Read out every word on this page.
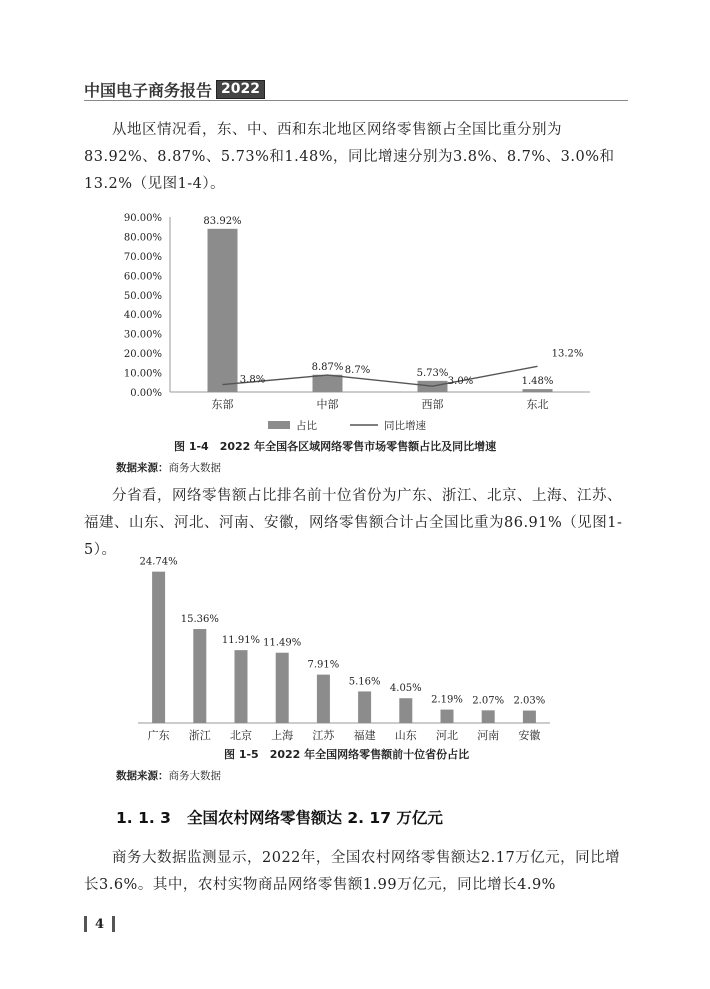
中国电子商务报告 2022
从地区情况看，东、中、西和东北地区网络零售额占全国比重分别为83.92%、8.87%、5.73%和1.48%，同比增速分别为3.8%、8.7%、3.0%和13.2%（见图1-4）。
0.00%
10.00%
20.00%
30.00%
40.00%
50.00%
60.00%
70.00%
80.00%
90.00%	83.92%
东部
8.87%
中部
5.73%
西部
1.48%
东北
3.8%
8.7%
3.0%
13.2%
占比	同比增速
图 1-4　2022 年全国各区域网络零售市场零售额占比及同比增速
数据来源：商务大数据
分省看，网络零售额占比排名前十位省份为广东、浙江、北京、上海、江苏、福建、山东、河北、河南、安徽，网络零售额合计占全国比重为86.91%（见图1-5）。
24.74%
广东
15.36%
浙江
11.91%
北京
11.49%
上海
7.91%
江苏
5.16%
福建
4.05%
山东
2.19%
河北
2.07%
河南
2.03%
安徽
图 1-5　2022 年全国网络零售额前十位省份占比
数据来源：商务大数据
1. 1. 3 全国农村网络零售额达 2. 17 万亿元
商务大数据监测显示，2022年，全国农村网络零售额达2.17万亿元，同比增长3.6%。其中，农村实物商品网络零售额1.99万亿元，同比增长4.9%
4
